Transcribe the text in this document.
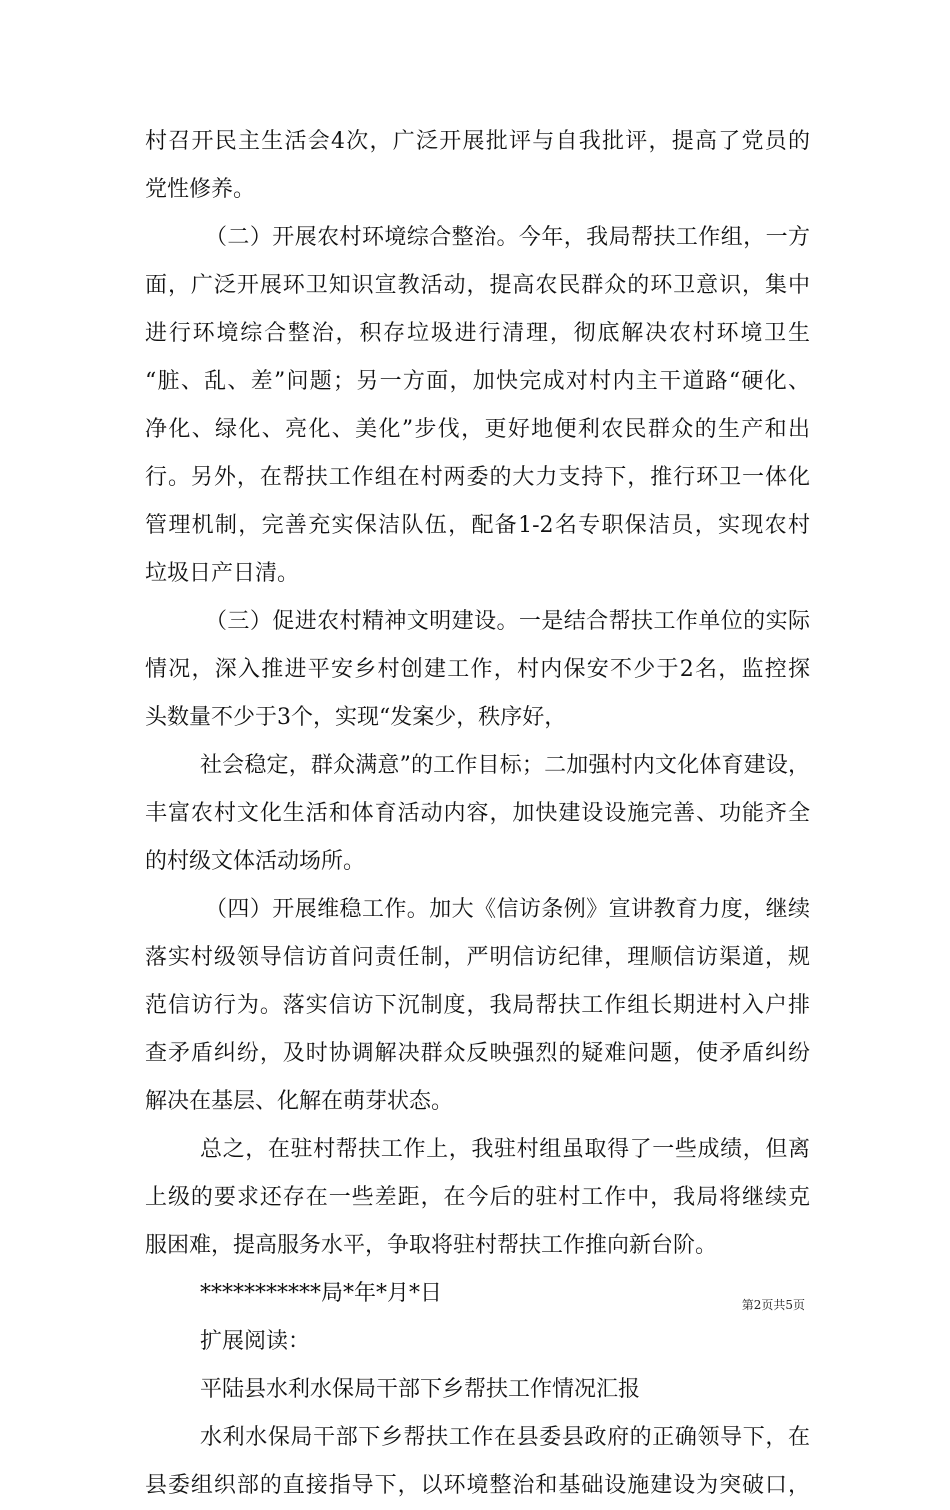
村召开民主生活会4次，广泛开展批评与自我批评，提高了党员的
党性修养。
（二）开展农村环境综合整治。今年，我局帮扶工作组，一方
面，广泛开展环卫知识宣教活动，提高农民群众的环卫意识，集中
进行环境综合整治，积存垃圾进行清理，彻底解决农村环境卫生
“脏、乱、差”问题；另一方面，加快完成对村内主干道路“硬化、
净化、绿化、亮化、美化”步伐，更好地便利农民群众的生产和出
行。另外，在帮扶工作组在村两委的大力支持下，推行环卫一体化
管理机制，完善充实保洁队伍，配备1-2名专职保洁员，实现农村
垃圾日产日清。
（三）促进农村精神文明建设。一是结合帮扶工作单位的实际
情况，深入推进平安乡村创建工作，村内保安不少于2名，监控探
头数量不少于3个，实现“发案少，秩序好，
社会稳定，群众满意”的工作目标；二加强村内文化体育建设，
丰富农村文化生活和体育活动内容，加快建设设施完善、功能齐全
的村级文体活动场所。
（四）开展维稳工作。加大《信访条例》宣讲教育力度，继续
落实村级领导信访首问责任制，严明信访纪律，理顺信访渠道，规
范信访行为。落实信访下沉制度，我局帮扶工作组长期进村入户排
查矛盾纠纷，及时协调解决群众反映强烈的疑难问题，使矛盾纠纷
解决在基层、化解在萌芽状态。
总之，在驻村帮扶工作上，我驻村组虽取得了一些成绩，但离
上级的要求还存在一些差距，在今后的驻村工作中，我局将继续克
服困难，提高服务水平，争取将驻村帮扶工作推向新台阶。
***********局*年*月*日
扩展阅读：
平陆县水利水保局干部下乡帮扶工作情况汇报
水利水保局干部下乡帮扶工作在县委县政府的正确领导下，在
县委组织部的直接指导下，以环境整治和基础设施建设为突破口，
第2页共5页
